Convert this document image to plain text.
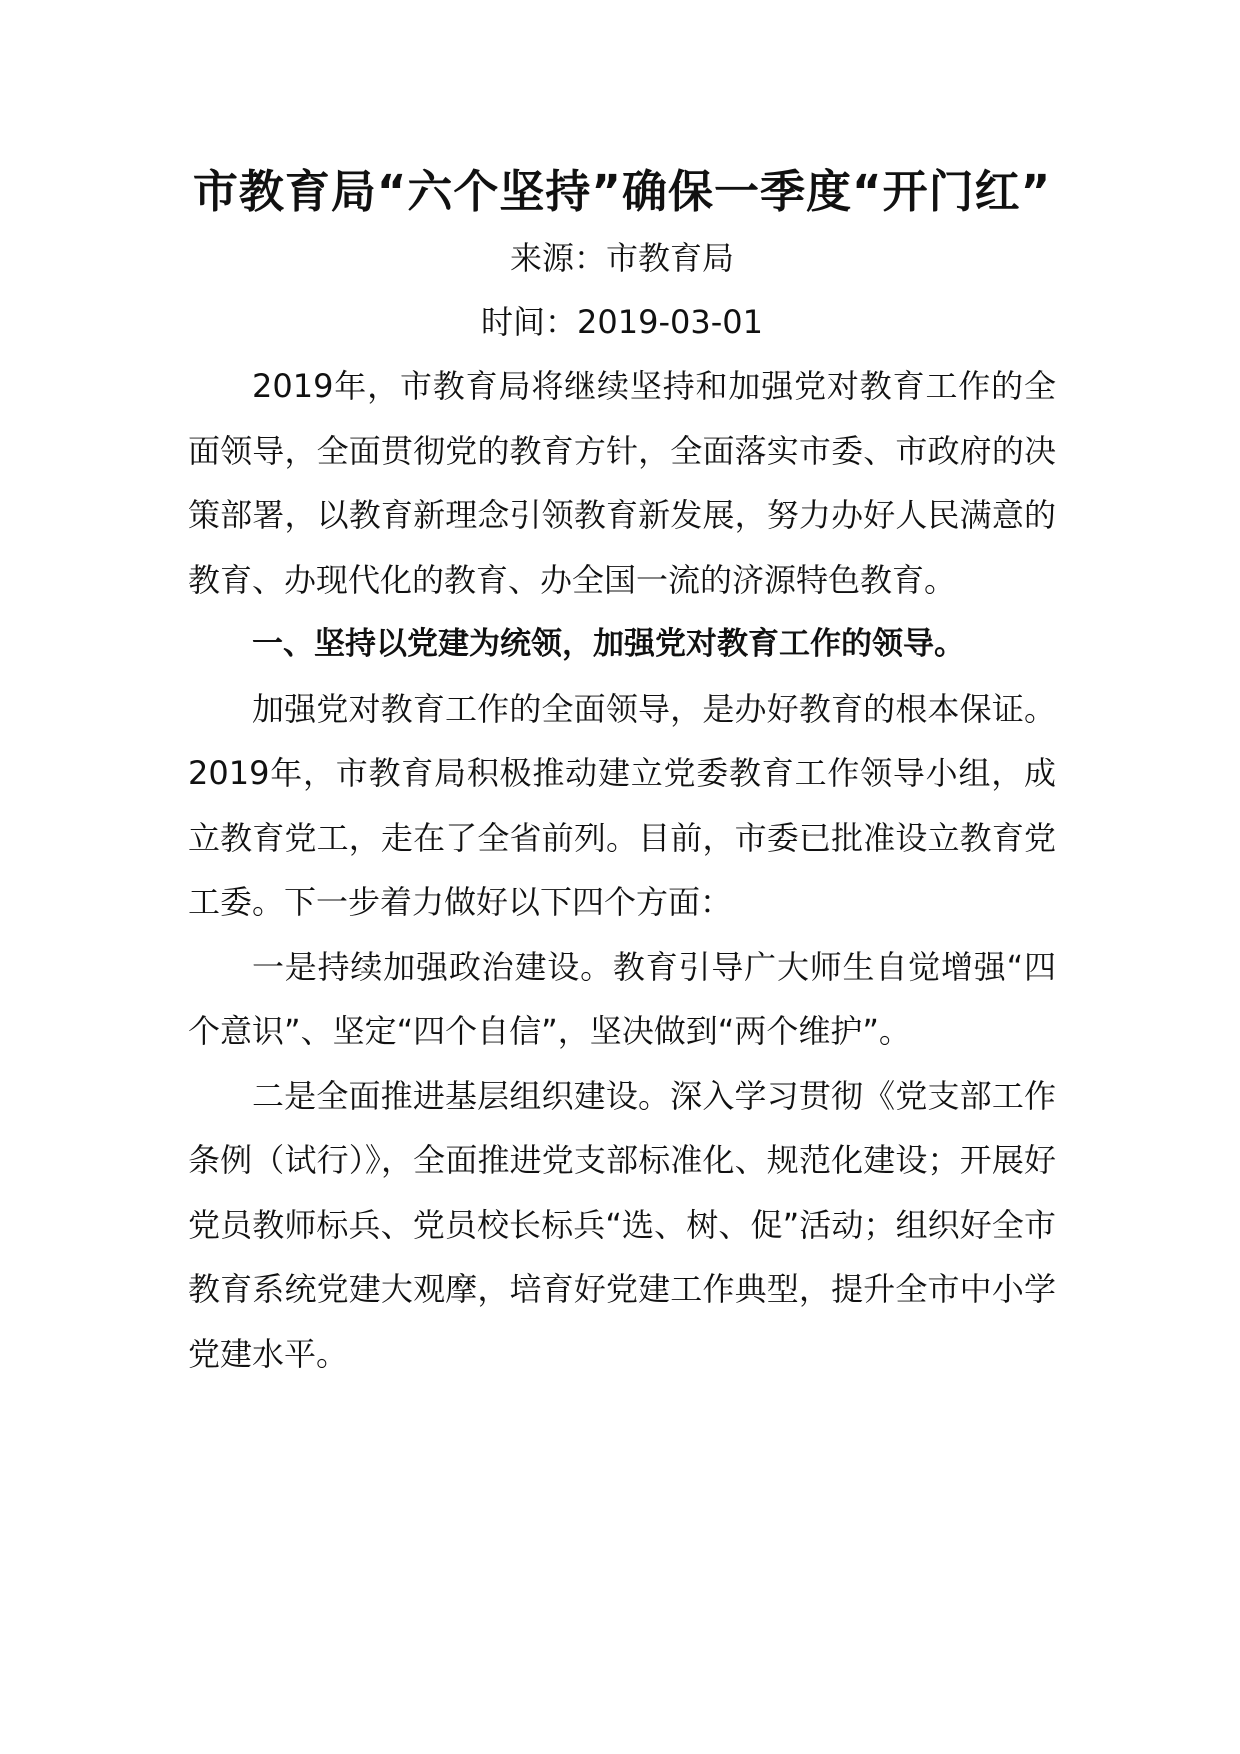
市教育局“六个坚持”确保一季度“开门红”

来源：市教育局

时间：2019-03-01

2019年，市教育局将继续坚持和加强党对教育工作的全面领导，全面贯彻党的教育方针，全面落实市委、市政府的决策部署，以教育新理念引领教育新发展，努力办好人民满意的教育、办现代化的教育、办全国一流的济源特色教育。

一、坚持以党建为统领，加强党对教育工作的领导。

加强党对教育工作的全面领导，是办好教育的根本保证。2019年，市教育局积极推动建立党委教育工作领导小组，成立教育党工，走在了全省前列。目前，市委已批准设立教育党工委。下一步着力做好以下四个方面：

一是持续加强政治建设。教育引导广大师生自觉增强“四个意识”、坚定“四个自信”，坚决做到“两个维护”。

二是全面推进基层组织建设。深入学习贯彻《党支部工作条例（试行）》，全面推进党支部标准化、规范化建设；开展好党员教师标兵、党员校长标兵“选、树、促”活动；组织好全市教育系统党建大观摩，培育好党建工作典型，提升全市中小学党建水平。
